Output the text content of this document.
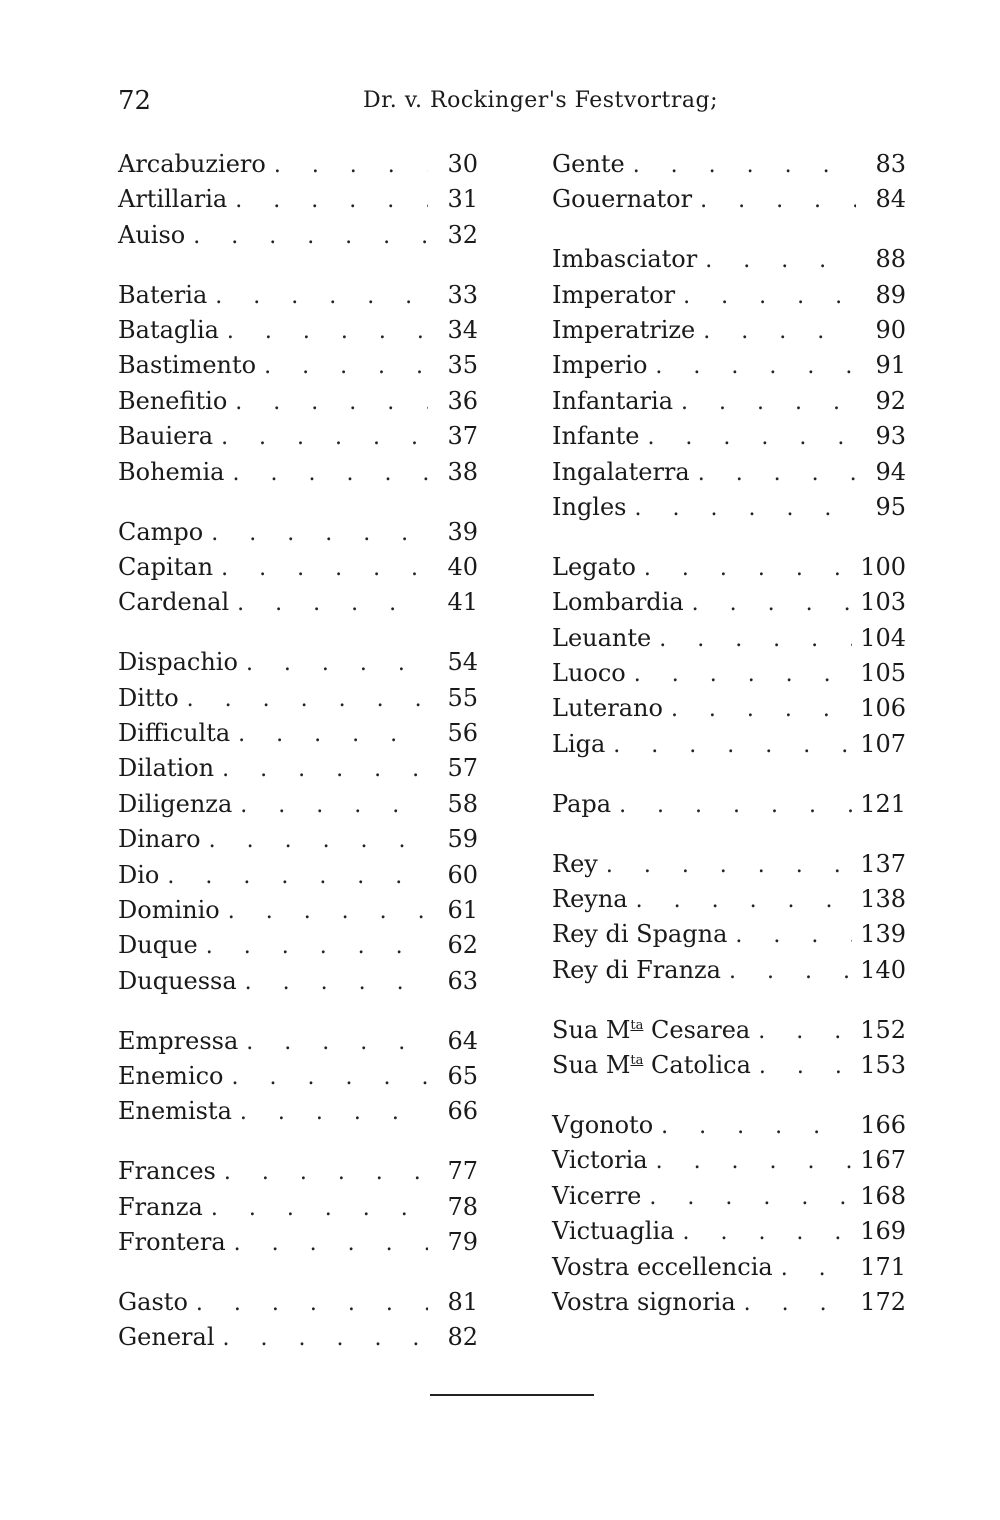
72	Dr. v. Rockinger's Festvortrag;
Arcabuziero . . .	30
Artillaria . . .	31
Auiso . . .	32
Bateria . . .	33
Bataglia . . .	34
Bastimento . . .	35
Benefitio . . .	36
Bauiera . . .	37
Bohemia . . .	38
Campo . . .	39
Capitan . . .	40
Cardenal . . .	41
Dispachio . . .	54
Ditto . . .	55
Difficulta . . .	56
Dilation . . .	57
Diligenza . . .	58
Dinaro . . .	59
Dio . . .	60
Dominio . . .	61
Duque . . .	62
Duquessa . . .	63
Empressa . . .	64
Enemico . . .	65
Enemista . . .	66
Frances . . .	77
Franza . . .	78
Frontera . . .	79
Gasto . . .	81
General . . .	82
Gente . . .	83
Gouernator . . .	84
Imbasciator . . .	88
Imperator . . .	89
Imperatrize . . .	90
Imperio . . .	91
Infantaria . . .	92
Infante . . .	93
Ingalaterra . . .	94
Ingles . . .	95
Legato . . .	100
Lombardia . . .	103
Leuante . . .	104
Luoco . . .	105
Luterano . . .	106
Liga . . .	107
Papa . . .	121
Rey . . .	137
Reyna . . .	138
Rey di Spagna . . .	139
Rey di Franza . . .	140
Sua $M^{ta}$ Cesarea . . .	152
Sua $M^{ta}$ Catolica . . .	153
Vgonoto . . .	166
Victoria . . .	167
Vicerre . . .	168
Victuaglia . . .	169
Vostra eccellencia . . .	171
Vostra signoria . . .	172
